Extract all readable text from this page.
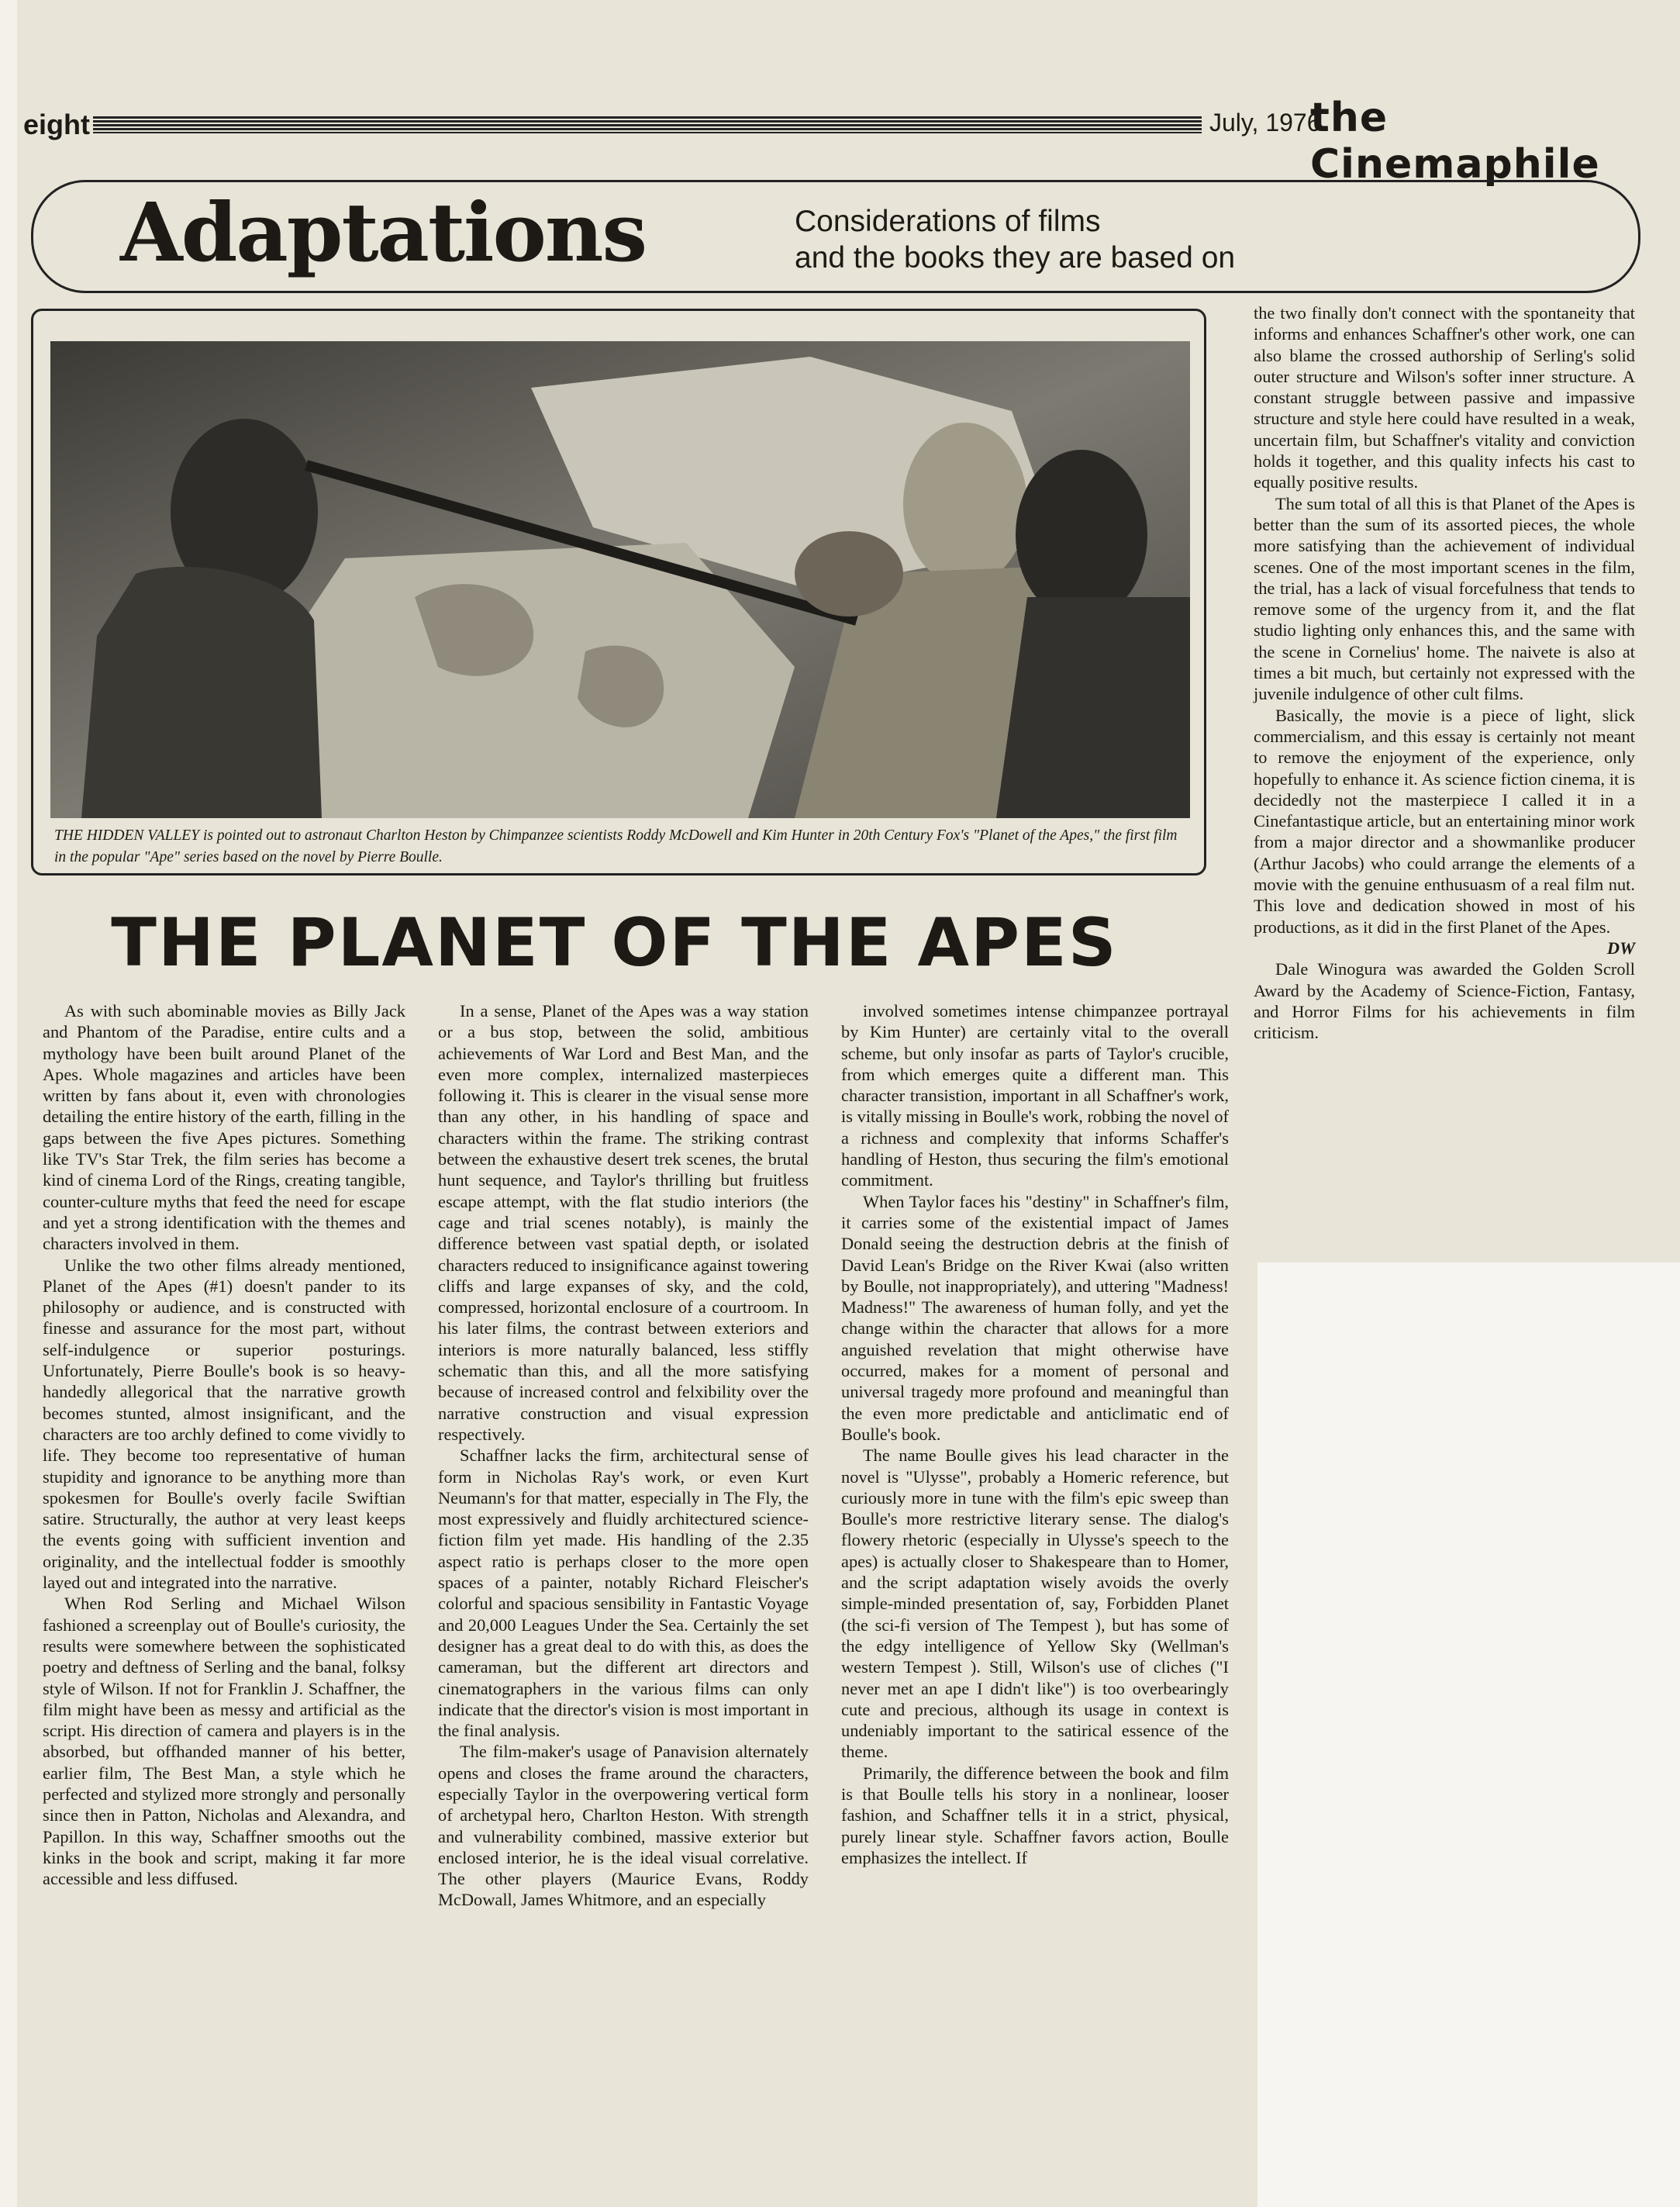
eight	July, 1976
the Cinemaphile
Adaptations	Considerations of films
and the books they are based on
THE HIDDEN VALLEY is pointed out to astronaut Charlton Heston by Chimpanzee scientists Roddy McDowell and Kim Hunter in 20th Century Fox's "Planet of the Apes," the first film in the popular "Ape" series based on the novel by Pierre Boulle.
THE PLANET OF THE APES

As with such abominable movies as Billy Jack and Phantom of the Paradise, entire cults and a mythology have been built around Planet of the Apes. Whole magazines and articles have been written by fans about it, even with chronologies detailing the entire history of the earth, filling in the gaps between the five Apes pictures. Something like TV's Star Trek, the film series has become a kind of cinema Lord of the Rings, creating tangible, counter-culture myths that feed the need for escape and yet a strong identification with the themes and characters involved in them.

Unlike the two other films already mentioned, Planet of the Apes (#1) doesn't pander to its philosophy or audience, and is constructed with finesse and assurance for the most part, without self-indulgence or superior posturings. Unfortunately, Pierre Boulle's book is so heavy-handedly allegorical that the narrative growth becomes stunted, almost insignificant, and the characters are too archly defined to come vividly to life. They become too representative of human stupidity and ignorance to be anything more than spokesmen for Boulle's overly facile Swiftian satire. Structurally, the author at very least keeps the events going with sufficient invention and originality, and the intellectual fodder is smoothly layed out and integrated into the narrative.

When Rod Serling and Michael Wilson fashioned a screenplay out of Boulle's curiosity, the results were somewhere between the sophisticated poetry and deftness of Serling and the banal, folksy style of Wilson. If not for Franklin J. Schaffner, the film might have been as messy and artificial as the script. His direction of camera and players is in the absorbed, but offhanded manner of his better, earlier film, The Best Man, a style which he perfected and stylized more strongly and personally since then in Patton, Nicholas and Alexandra, and Papillon. In this way, Schaffner smooths out the kinks in the book and script, making it far more accessible and less diffused.

In a sense, Planet of the Apes was a way station or a bus stop, between the solid, ambitious achievements of War Lord and Best Man, and the even more complex, internalized masterpieces following it. This is clearer in the visual sense more than any other, in his handling of space and characters within the frame. The striking contrast between the exhaustive desert trek scenes, the brutal hunt sequence, and Taylor's thrilling but fruitless escape attempt, with the flat studio interiors (the cage and trial scenes notably), is mainly the difference between vast spatial depth, or isolated characters reduced to insignificance against towering cliffs and large expanses of sky, and the cold, compressed, horizontal enclosure of a courtroom. In his later films, the contrast between exteriors and interiors is more naturally balanced, less stiffly schematic than this, and all the more satisfying because of increased control and felxibility over the narrative construction and visual expression respectively.

Schaffner lacks the firm, architectural sense of form in Nicholas Ray's work, or even Kurt Neumann's for that matter, especially in The Fly, the most expressively and fluidly architectured science-fiction film yet made. His handling of the 2.35 aspect ratio is perhaps closer to the more open spaces of a painter, notably Richard Fleischer's colorful and spacious sensibility in Fantastic Voyage and 20,000 Leagues Under the Sea. Certainly the set designer has a great deal to do with this, as does the cameraman, but the different art directors and cinematographers in the various films can only indicate that the director's vision is most important in the final analysis.

The film-maker's usage of Panavision alternately opens and closes the frame around the characters, especially Taylor in the overpowering vertical form of archetypal hero, Charlton Heston. With strength and vulnerability combined, massive exterior but enclosed interior, he is the ideal visual correlative. The other players (Maurice Evans, Roddy McDowall, James Whitmore, and an especially

involved sometimes intense chimpanzee portrayal by Kim Hunter) are certainly vital to the overall scheme, but only insofar as parts of Taylor's crucible, from which emerges quite a different man. This character transistion, important in all Schaffner's work, is vitally missing in Boulle's work, robbing the novel of a richness and complexity that informs Schaffer's handling of Heston, thus securing the film's emotional commitment.

When Taylor faces his "destiny" in Schaffner's film, it carries some of the existential impact of James Donald seeing the destruction debris at the finish of David Lean's Bridge on the River Kwai (also written by Boulle, not inappropriately), and uttering "Madness! Madness!" The awareness of human folly, and yet the change within the character that allows for a more anguished revelation that might otherwise have occurred, makes for a moment of personal and universal tragedy more profound and meaningful than the even more predictable and anticlimatic end of Boulle's book.

The name Boulle gives his lead character in the novel is "Ulysse", probably a Homeric reference, but curiously more in tune with the film's epic sweep than Boulle's more restrictive literary sense. The dialog's flowery rhetoric (especially in Ulysse's speech to the apes) is actually closer to Shakespeare than to Homer, and the script adaptation wisely avoids the overly simple-minded presentation of, say, Forbidden Planet (the sci-fi version of The Tempest ), but has some of the edgy intelligence of Yellow Sky (Wellman's western Tempest ). Still, Wilson's use of cliches ("I never met an ape I didn't like") is too overbearingly cute and precious, although its usage in context is undeniably important to the satirical essence of the theme.

Primarily, the difference between the book and film is that Boulle tells his story in a nonlinear, looser fashion, and Schaffner tells it in a strict, physical, purely linear style. Schaffner favors action, Boulle emphasizes the intellect. If

the two finally don't connect with the spontaneity that informs and enhances Schaffner's other work, one can also blame the crossed authorship of Serling's solid outer structure and Wilson's softer inner structure. A constant struggle between passive and impassive structure and style here could have resulted in a weak, uncertain film, but Schaffner's vitality and conviction holds it together, and this quality infects his cast to equally positive results.

The sum total of all this is that Planet of the Apes is better than the sum of its assorted pieces, the whole more satisfying than the achievement of individual scenes. One of the most important scenes in the film, the trial, has a lack of visual forcefulness that tends to remove some of the urgency from it, and the flat studio lighting only enhances this, and the same with the scene in Cornelius' home. The naivete is also at times a bit much, but certainly not expressed with the juvenile indulgence of other cult films.

Basically, the movie is a piece of light, slick commercialism, and this essay is certainly not meant to remove the enjoyment of the experience, only hopefully to enhance it. As science fiction cinema, it is decidedly not the masterpiece I called it in a Cinefantastique article, but an entertaining minor work from a major director and a showmanlike producer (Arthur Jacobs) who could arrange the elements of a movie with the genuine enthusuasm of a real film nut. This love and dedication showed in most of his productions, as it did in the first Planet of the Apes.

DW

Dale Winogura was awarded the Golden Scroll Award by the Academy of Science-Fiction, Fantasy, and Horror Films for his achievements in film criticism.
